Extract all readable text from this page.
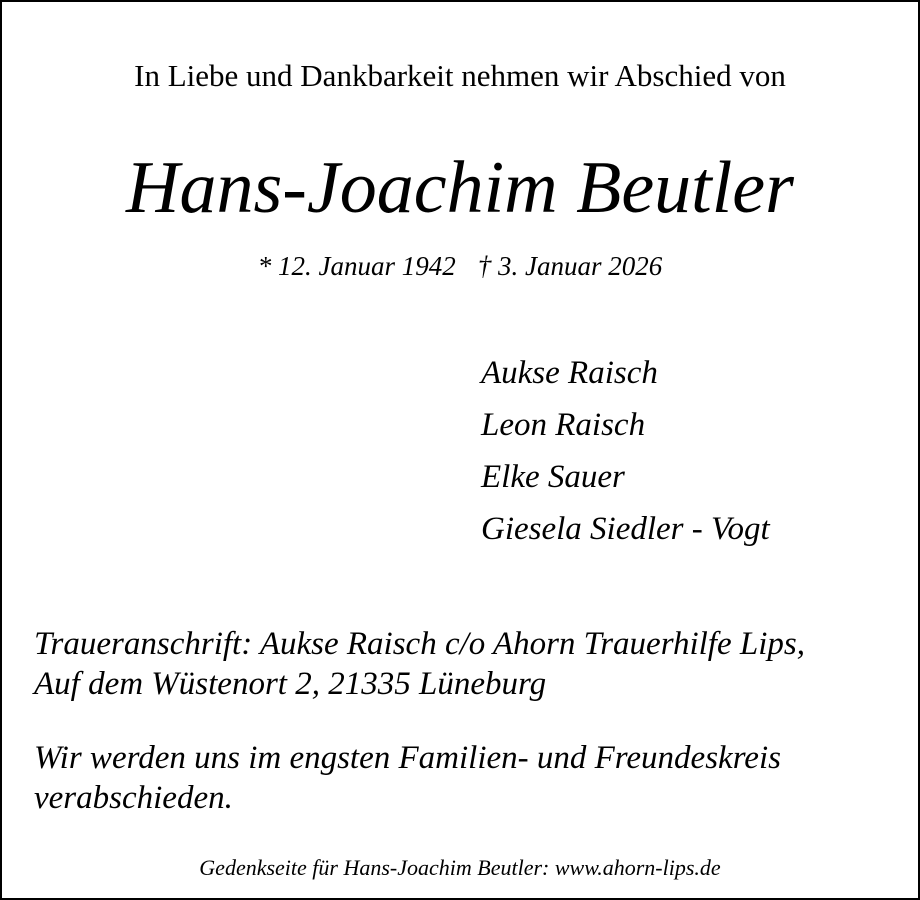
In Liebe und Dankbarkeit nehmen wir Abschied von
Hans-Joachim Beutler
* 12. Januar 1942 † 3. Januar 2026
Aukse Raisch
Leon Raisch
Elke Sauer
Giesela Siedler - Vogt
Traueranschrift: Aukse Raisch c/o Ahorn Trauerhilfe Lips,
Auf dem Wüstenort 2, 21335 Lüneburg
Wir werden uns im engsten Familien- und Freundeskreis
verabschieden.
Gedenkseite für Hans-Joachim Beutler: www.ahorn-lips.de
